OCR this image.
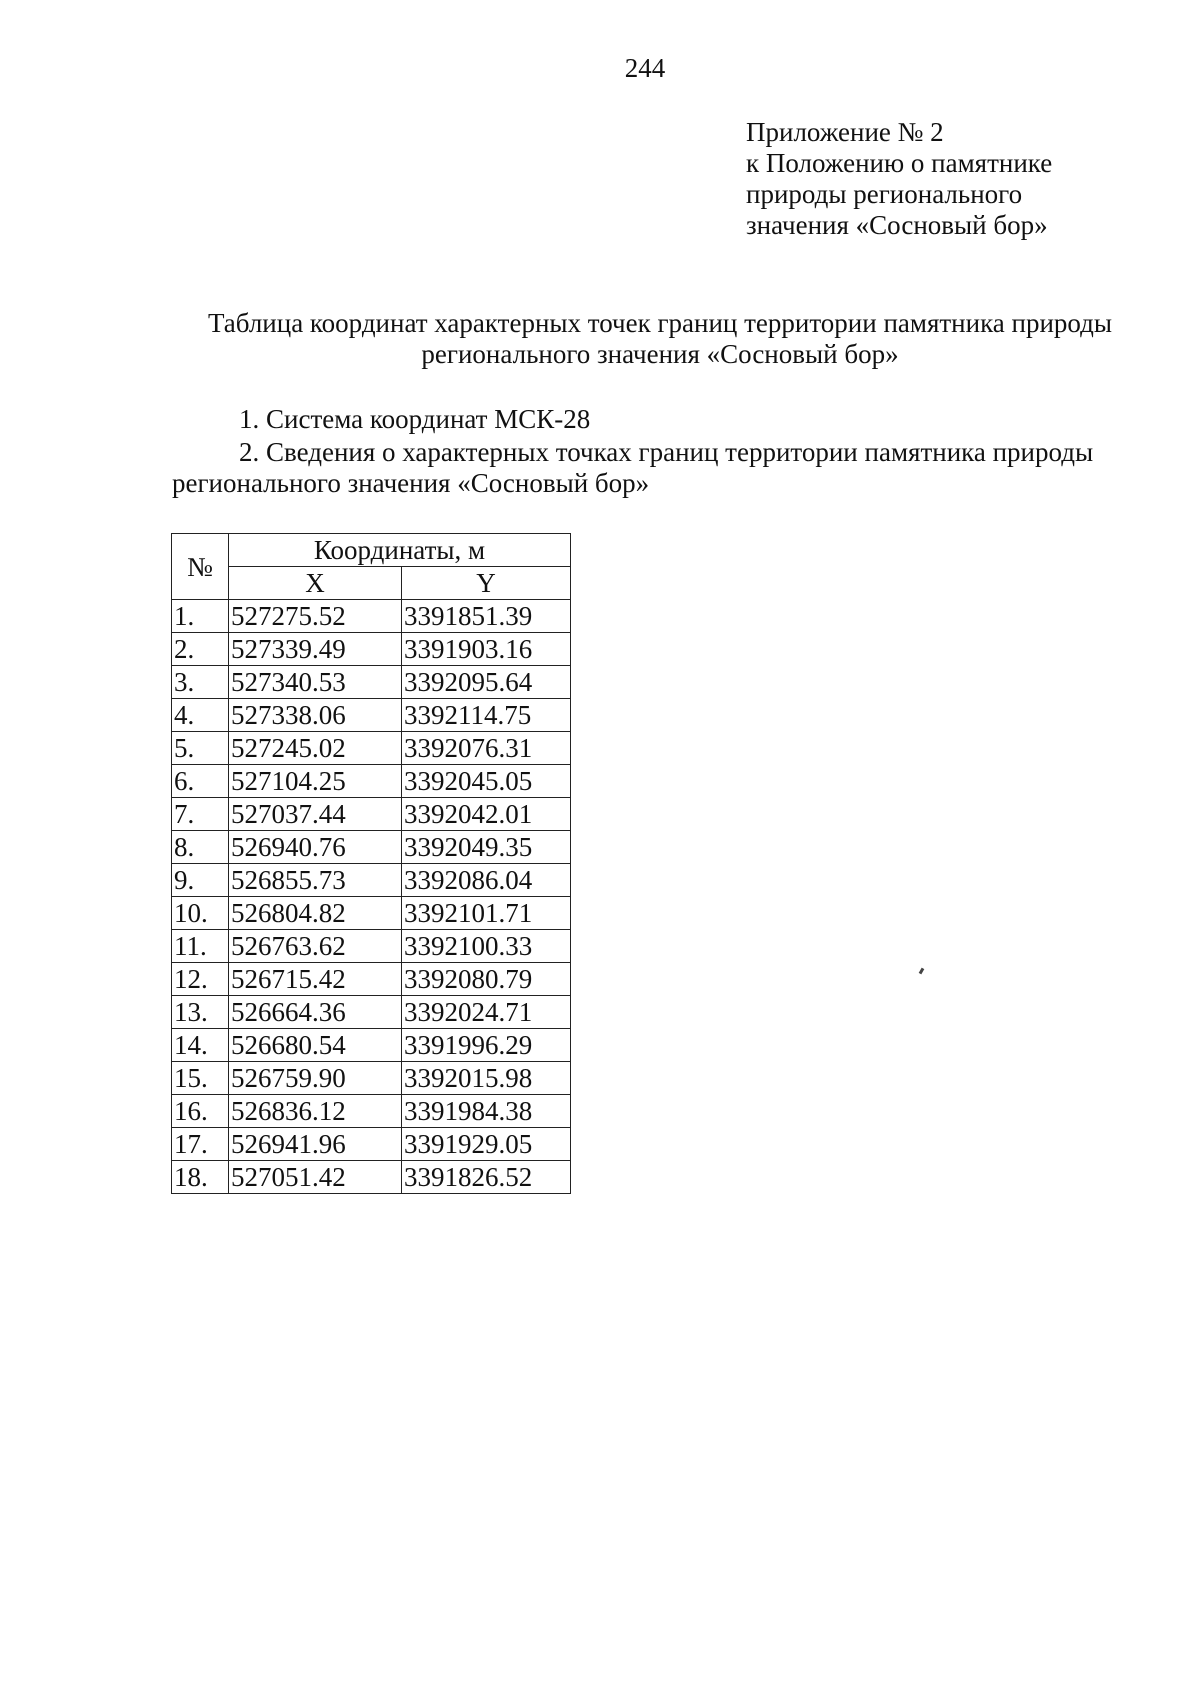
244
Приложение № 2
к Положению о памятнике
природы регионального
значения «Сосновый бор»
Таблица координат характерных точек границ территории памятника природы регионального значения «Сосновый бор»
1. Система координат МСК-28
2. Сведения о характерных точках границ территории памятника природы
регионального значения «Сосновый бор»
№	Координаты, м	
	X	Y
1.	527275.52	3391851.39
2.	527339.49	3391903.16
3.	527340.53	3392095.64
4.	527338.06	3392114.75
5.	527245.02	3392076.31
6.	527104.25	3392045.05
7.	527037.44	3392042.01
8.	526940.76	3392049.35
9.	526855.73	3392086.04
10.	526804.82	3392101.71
11.	526763.62	3392100.33
12.	526715.42	3392080.79
13.	526664.36	3392024.71
14.	526680.54	3391996.29
15.	526759.90	3392015.98
16.	526836.12	3391984.38
17.	526941.96	3391929.05
18.	527051.42	3391826.52
